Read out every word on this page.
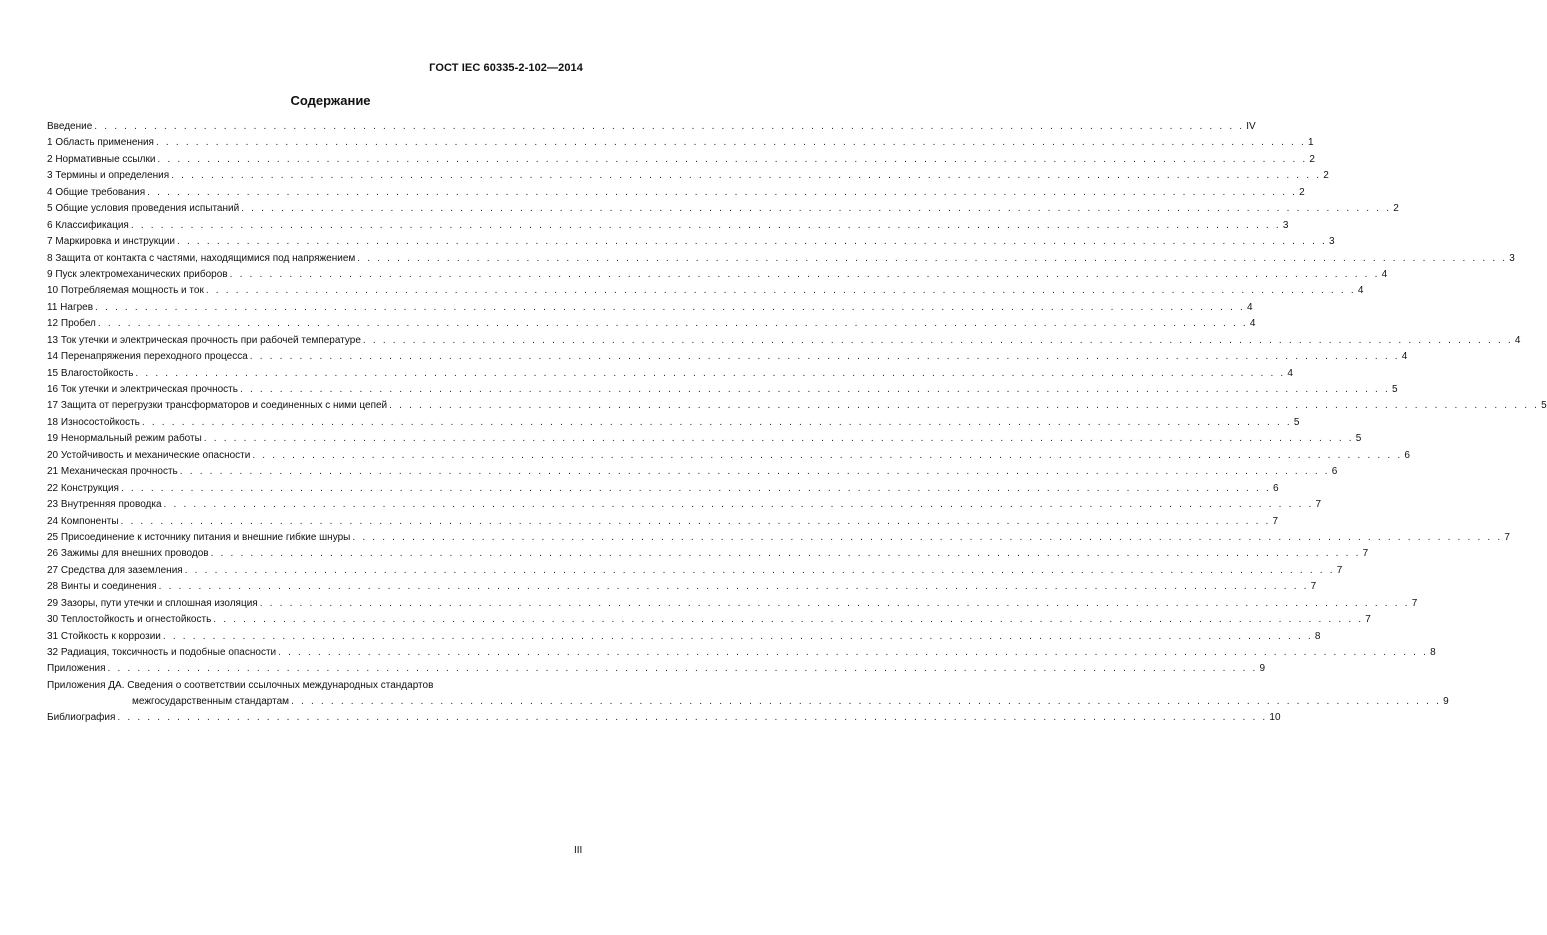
ГОСТ IEC 60335-2-102—2014
Содержание
Введение . . . . . . . . . . . . . . . . . . . . . . . . . . . . . . . . . . . . . . . . . . . . . . . . . . . . . . . . . . . . . . . . . . . . . . . . . . . . . . . . . . . . . . . . . . . . . . . . . . . . . . . . . . . . . . . . . . . . IV
1 Область применения . . . . . . . . . . . . . . . . . . . . . . . . . . . . . . . . . . . . . . . . . . . . . . . . . . . . . . . . . . . . . . . . . . . . . . . . . . . . . . . . . . . . . . . . . . . . . . . . . . . . . . . . . . . . . . . . . . . . 1
2 Нормативные ссылки . . . . . . . . . . . . . . . . . . . . . . . . . . . . . . . . . . . . . . . . . . . . . . . . . . . . . . . . . . . . . . . . . . . . . . . . . . . . . . . . . . . . . . . . . . . . . . . . . . . . . . . . . . . . . . . . . . . . 2
3 Термины и определения . . . . . . . . . . . . . . . . . . . . . . . . . . . . . . . . . . . . . . . . . . . . . . . . . . . . . . . . . . . . . . . . . . . . . . . . . . . . . . . . . . . . . . . . . . . . . . . . . . . . . . . . . . . . . . . . . . . . 2
4 Общие требования . . . . . . . . . . . . . . . . . . . . . . . . . . . . . . . . . . . . . . . . . . . . . . . . . . . . . . . . . . . . . . . . . . . . . . . . . . . . . . . . . . . . . . . . . . . . . . . . . . . . . . . . . . . . . . . . . . . . 2
5 Общие условия проведения испытаний . . . . . . . . . . . . . . . . . . . . . . . . . . . . . . . . . . . . . . . . . . . . . . . . . . . . . . . . . . . . . . . . . . . . . . . . . . . . . . . . . . . . . . . . . . . . . . . . . . . . . . . . . . . . . . . . . . . . 2
6 Классификация . . . . . . . . . . . . . . . . . . . . . . . . . . . . . . . . . . . . . . . . . . . . . . . . . . . . . . . . . . . . . . . . . . . . . . . . . . . . . . . . . . . . . . . . . . . . . . . . . . . . . . . . . . . . . . . . . . . . 3
7 Маркировка и инструкции . . . . . . . . . . . . . . . . . . . . . . . . . . . . . . . . . . . . . . . . . . . . . . . . . . . . . . . . . . . . . . . . . . . . . . . . . . . . . . . . . . . . . . . . . . . . . . . . . . . . . . . . . . . . . . . . . . . . 3
8 Защита от контакта с частями, находящимися под напряжением . . . . . . . . . . . . . . . . . . . . . . . . . . . . . . . . . . . . . . . . . . . . . . . . . . . . . . . . . . . . . . . . . . . . . . . . . . . . . . . . . . . . . . . . . . . . . . . . . . . . . . . . . . . . . . . . . . . . 3
9 Пуск электромеханических приборов . . . . . . . . . . . . . . . . . . . . . . . . . . . . . . . . . . . . . . . . . . . . . . . . . . . . . . . . . . . . . . . . . . . . . . . . . . . . . . . . . . . . . . . . . . . . . . . . . . . . . . . . . . . . . . . . . . . . 4
10 Потребляемая мощность и ток . . . . . . . . . . . . . . . . . . . . . . . . . . . . . . . . . . . . . . . . . . . . . . . . . . . . . . . . . . . . . . . . . . . . . . . . . . . . . . . . . . . . . . . . . . . . . . . . . . . . . . . . . . . . . . . . . . . . 4
11 Нагрев . . . . . . . . . . . . . . . . . . . . . . . . . . . . . . . . . . . . . . . . . . . . . . . . . . . . . . . . . . . . . . . . . . . . . . . . . . . . . . . . . . . . . . . . . . . . . . . . . . . . . . . . . . . . . . . . . . . . 4
12 Пробел . . . . . . . . . . . . . . . . . . . . . . . . . . . . . . . . . . . . . . . . . . . . . . . . . . . . . . . . . . . . . . . . . . . . . . . . . . . . . . . . . . . . . . . . . . . . . . . . . . . . . . . . . . . . . . . . . . . . 4
13 Ток утечки и электрическая прочность при рабочей температуре . . . . . . . . . . . . . . . . . . . . . . . . . . . . . . . . . . . . . . . . . . . . . . . . . . . . . . . . . . . . . . . . . . . . . . . . . . . . . . . . . . . . . . . . . . . . . . . . . . . . . . . . . . . . . . . . . . . . 4
14 Перенапряжения переходного процесса . . . . . . . . . . . . . . . . . . . . . . . . . . . . . . . . . . . . . . . . . . . . . . . . . . . . . . . . . . . . . . . . . . . . . . . . . . . . . . . . . . . . . . . . . . . . . . . . . . . . . . . . . . . . . . . . . . . . 4
15 Влагостойкость . . . . . . . . . . . . . . . . . . . . . . . . . . . . . . . . . . . . . . . . . . . . . . . . . . . . . . . . . . . . . . . . . . . . . . . . . . . . . . . . . . . . . . . . . . . . . . . . . . . . . . . . . . . . . . . . . . . . 4
16 Ток утечки и электрическая прочность . . . . . . . . . . . . . . . . . . . . . . . . . . . . . . . . . . . . . . . . . . . . . . . . . . . . . . . . . . . . . . . . . . . . . . . . . . . . . . . . . . . . . . . . . . . . . . . . . . . . . . . . . . . . . . . . . . . . 5
17 Защита от перегрузки трансформаторов и соединенных с ними цепей . . . . . . . . . . . . . . . . . . . . . . . . . . . . . . . . . . . . . . . . . . . . . . . . . . . . . . . . . . . . . . . . . . . . . . . . . . . . . . . . . . . . . . . . . . . . . . . . . . . . . . . . . . . . . . . . . . . . 5
18 Износостойкость . . . . . . . . . . . . . . . . . . . . . . . . . . . . . . . . . . . . . . . . . . . . . . . . . . . . . . . . . . . . . . . . . . . . . . . . . . . . . . . . . . . . . . . . . . . . . . . . . . . . . . . . . . . . . . . . . . . . 5
19 Ненормальный режим работы . . . . . . . . . . . . . . . . . . . . . . . . . . . . . . . . . . . . . . . . . . . . . . . . . . . . . . . . . . . . . . . . . . . . . . . . . . . . . . . . . . . . . . . . . . . . . . . . . . . . . . . . . . . . . . . . . . . . 5
20 Устойчивость и механические опасности . . . . . . . . . . . . . . . . . . . . . . . . . . . . . . . . . . . . . . . . . . . . . . . . . . . . . . . . . . . . . . . . . . . . . . . . . . . . . . . . . . . . . . . . . . . . . . . . . . . . . . . . . . . . . . . . . . . . 6
21 Механическая прочность . . . . . . . . . . . . . . . . . . . . . . . . . . . . . . . . . . . . . . . . . . . . . . . . . . . . . . . . . . . . . . . . . . . . . . . . . . . . . . . . . . . . . . . . . . . . . . . . . . . . . . . . . . . . . . . . . . . . 6
22 Конструкция . . . . . . . . . . . . . . . . . . . . . . . . . . . . . . . . . . . . . . . . . . . . . . . . . . . . . . . . . . . . . . . . . . . . . . . . . . . . . . . . . . . . . . . . . . . . . . . . . . . . . . . . . . . . . . . . . . . . 6
23 Внутренняя проводка . . . . . . . . . . . . . . . . . . . . . . . . . . . . . . . . . . . . . . . . . . . . . . . . . . . . . . . . . . . . . . . . . . . . . . . . . . . . . . . . . . . . . . . . . . . . . . . . . . . . . . . . . . . . . . . . . . . . 7
24 Компоненты . . . . . . . . . . . . . . . . . . . . . . . . . . . . . . . . . . . . . . . . . . . . . . . . . . . . . . . . . . . . . . . . . . . . . . . . . . . . . . . . . . . . . . . . . . . . . . . . . . . . . . . . . . . . . . . . . . . . 7
25 Присоединение к источнику питания и внешние гибкие шнуры . . . . . . . . . . . . . . . . . . . . . . . . . . . . . . . . . . . . . . . . . . . . . . . . . . . . . . . . . . . . . . . . . . . . . . . . . . . . . . . . . . . . . . . . . . . . . . . . . . . . . . . . . . . . . . . . . . . . 7
26 Зажимы для внешних проводов . . . . . . . . . . . . . . . . . . . . . . . . . . . . . . . . . . . . . . . . . . . . . . . . . . . . . . . . . . . . . . . . . . . . . . . . . . . . . . . . . . . . . . . . . . . . . . . . . . . . . . . . . . . . . . . . . . . . 7
27 Средства для заземления . . . . . . . . . . . . . . . . . . . . . . . . . . . . . . . . . . . . . . . . . . . . . . . . . . . . . . . . . . . . . . . . . . . . . . . . . . . . . . . . . . . . . . . . . . . . . . . . . . . . . . . . . . . . . . . . . . . . 7
28 Винты и соединения . . . . . . . . . . . . . . . . . . . . . . . . . . . . . . . . . . . . . . . . . . . . . . . . . . . . . . . . . . . . . . . . . . . . . . . . . . . . . . . . . . . . . . . . . . . . . . . . . . . . . . . . . . . . . . . . . . . . 7
29 Зазоры, пути утечки и сплошная изоляция . . . . . . . . . . . . . . . . . . . . . . . . . . . . . . . . . . . . . . . . . . . . . . . . . . . . . . . . . . . . . . . . . . . . . . . . . . . . . . . . . . . . . . . . . . . . . . . . . . . . . . . . . . . . . . . . . . . . 7
30 Теплостойкость и огнестойкость . . . . . . . . . . . . . . . . . . . . . . . . . . . . . . . . . . . . . . . . . . . . . . . . . . . . . . . . . . . . . . . . . . . . . . . . . . . . . . . . . . . . . . . . . . . . . . . . . . . . . . . . . . . . . . . . . . . . 7
31 Стойкость к коррозии . . . . . . . . . . . . . . . . . . . . . . . . . . . . . . . . . . . . . . . . . . . . . . . . . . . . . . . . . . . . . . . . . . . . . . . . . . . . . . . . . . . . . . . . . . . . . . . . . . . . . . . . . . . . . . . . . . . . 8
32 Радиация, токсичность и подобные опасности . . . . . . . . . . . . . . . . . . . . . . . . . . . . . . . . . . . . . . . . . . . . . . . . . . . . . . . . . . . . . . . . . . . . . . . . . . . . . . . . . . . . . . . . . . . . . . . . . . . . . . . . . . . . . . . . . . . . 8
Приложения . . . . . . . . . . . . . . . . . . . . . . . . . . . . . . . . . . . . . . . . . . . . . . . . . . . . . . . . . . . . . . . . . . . . . . . . . . . . . . . . . . . . . . . . . . . . . . . . . . . . . . . . . . . . . . . . . . . . 9
Приложения ДА. Сведения о соответствии ссылочных международных стандартов
межгосударственным стандартам . . . . . . . . . . . . . . . . . . . . . . . . . . . . . . . . . . . . . . . . . . . . . . . . . . . . . . . . . . . . . . . . . . . . . . . . . . . . . . . . . . . . . . . . . . . . . . . . . . . . . . . . . . . . . . . . . . . . 9
Библиография . . . . . . . . . . . . . . . . . . . . . . . . . . . . . . . . . . . . . . . . . . . . . . . . . . . . . . . . . . . . . . . . . . . . . . . . . . . . . . . . . . . . . . . . . . . . . . . . . . . . . . . . . . . . . . . . . . . . 10
III
